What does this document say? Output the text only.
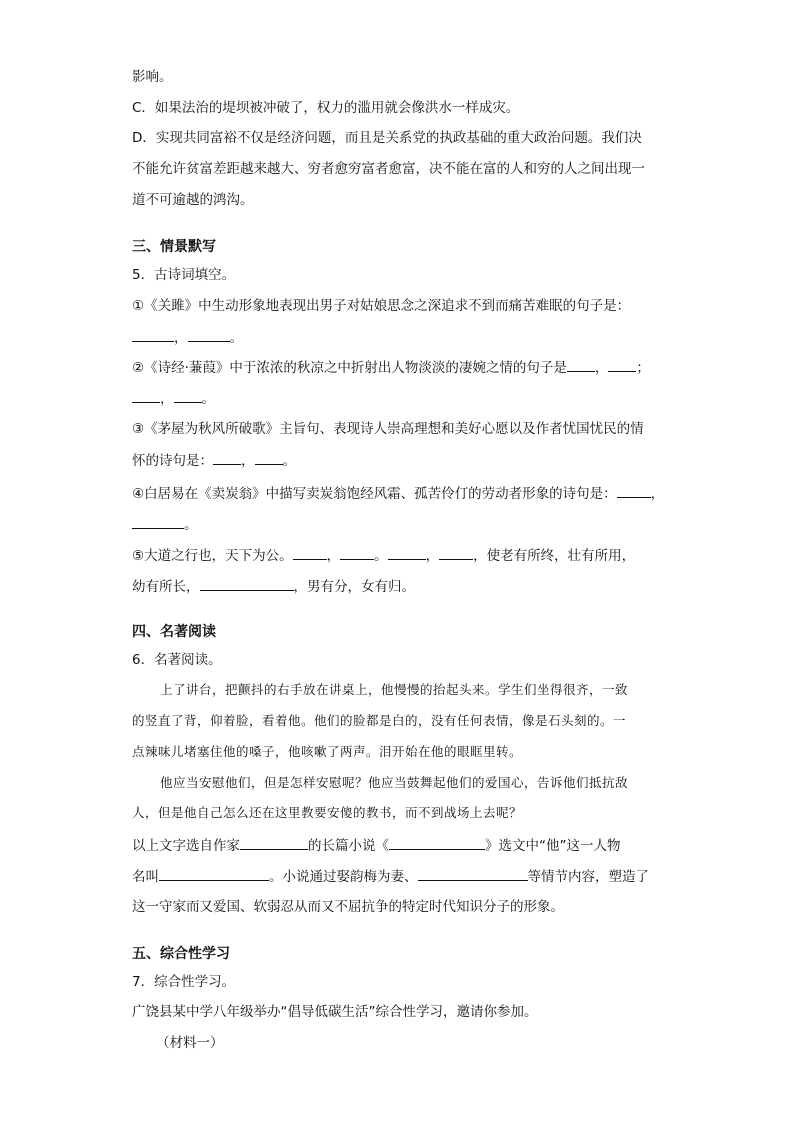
影响。

C．如果法治的堤坝被冲破了，权力的滥用就会像洪水一样成灾。

D．实现共同富裕不仅是经济问题，而且是关系党的执政基础的重大政治问题。我们决

不能允许贫富差距越来越大、穷者愈穷富者愈富，决不能在富的人和穷的人之间出现一

道不可逾越的鸿沟。

三、情景默写

5．古诗词填空。

①《关雎》中生动形象地表现出男子对姑娘思念之深追求不到而痛苦难眠的句子是：

，	。

②《诗经·蒹葭》中于浓浓的秋凉之中折射出人物淡淡的凄婉之情的句子是 ， ；

， 。

③《茅屋为秋风所破歌》主旨句、表现诗人崇高理想和美好心愿以及作者忧国忧民的情

怀的诗句是： ， 。

④白居易在《卖炭翁》中描写卖炭翁饱经风霜、孤苦伶仃的劳动者形象的诗句是：	，

。

⑤大道之行也，天下为公。	，	。	，	，使老有所终，壮有所用，

幼有所长，	，男有分，女有归。

四、名著阅读

6．名著阅读。

上了讲台，把颤抖的右手放在讲桌上，他慢慢的抬起头来。学生们坐得很齐，一致

的竖直了背，仰着脸，看着他。他们的脸都是白的，没有任何表情，像是石头刻的。一

点辣味儿堵塞住他的嗓子，他咳嗽了两声。泪开始在他的眼眶里转。

他应当安慰他们，但是怎样安慰呢？他应当鼓舞起他们的爱国心，告诉他们抵抗敌

人，但是他自己怎么还在这里教要安傻的教书，而不到战场上去呢？

以上文字选自作家	的长篇小说《	》选文中“他”这一人物

名叫	。小说通过娶韵梅为妻、	等情节内容，塑造了

这一守家而又爱国、软弱忍从而又不屈抗争的特定时代知识分子的形象。

五、综合性学习

7．综合性学习。

广饶县某中学八年级举办“倡导低碳生活”综合性学习，邀请你参加。

（材料一）
